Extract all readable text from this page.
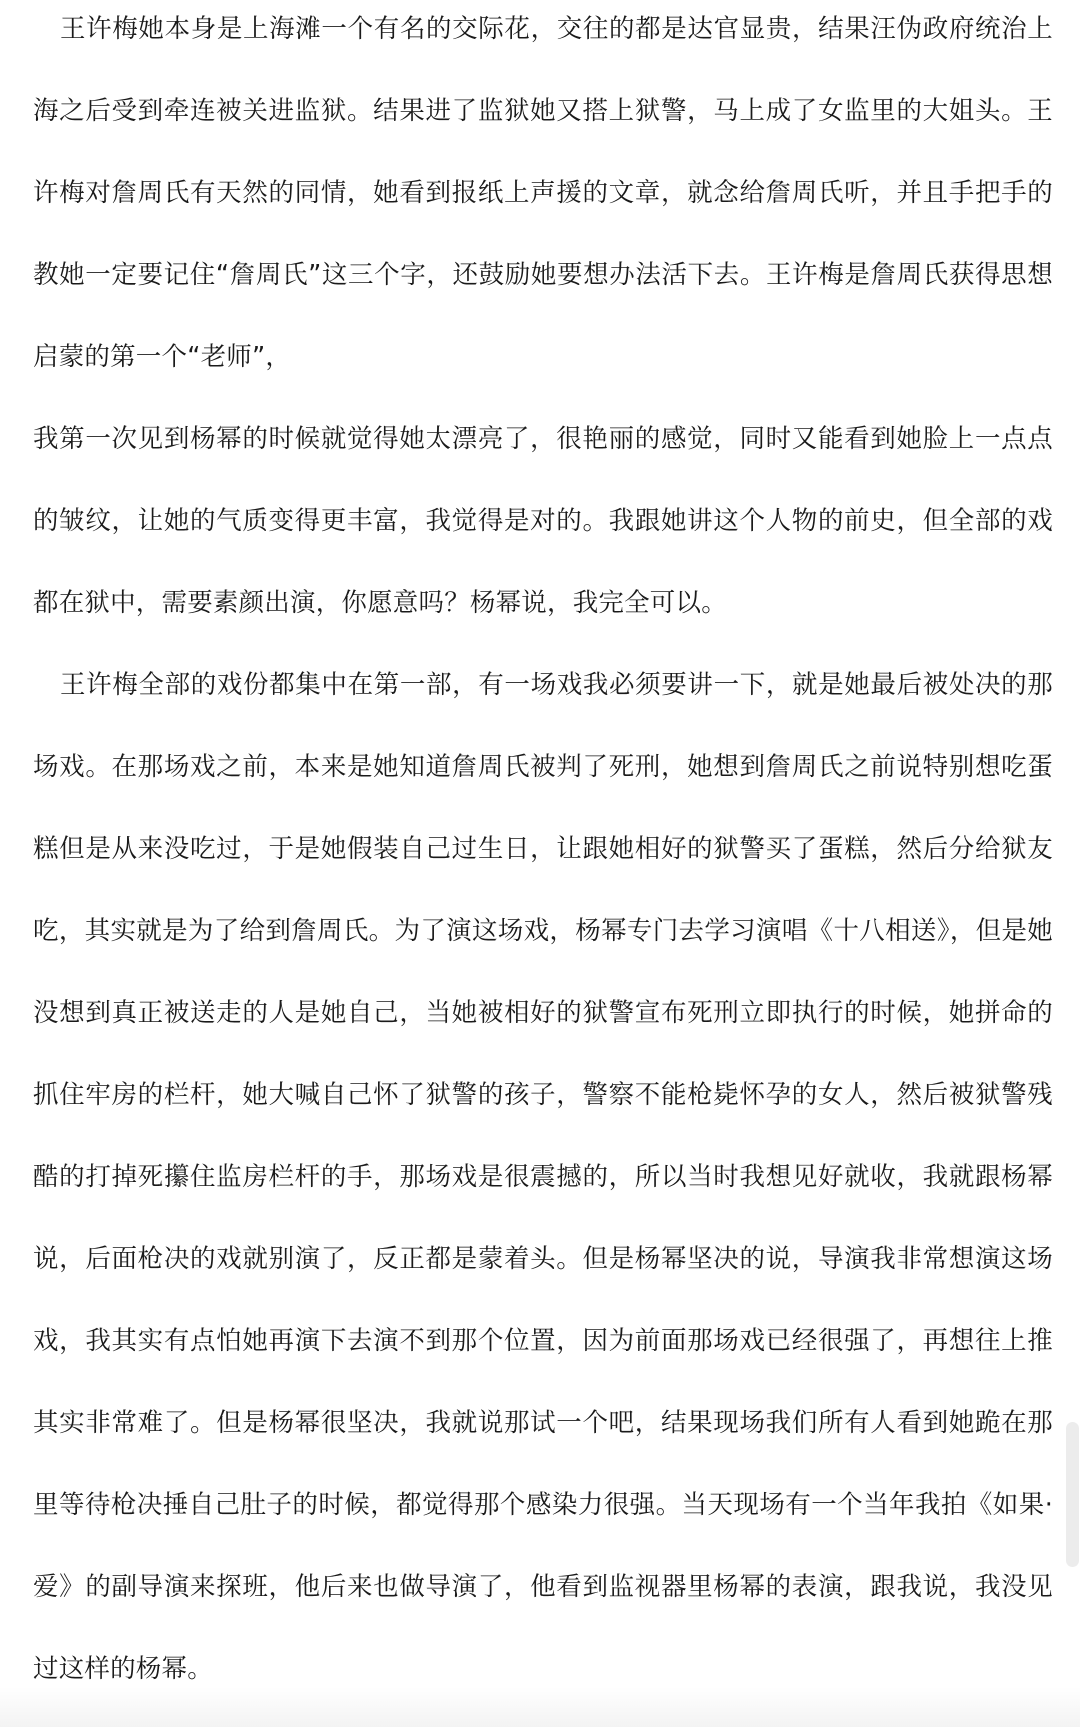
王许梅她本身是上海滩一个有名的交际花，交往的都是达官显贵，结果汪伪政府统治上海之后受到牵连被关进监狱。结果进了监狱她又搭上狱警，马上成了女监里的大姐头。王许梅对詹周氏有天然的同情，她看到报纸上声援的文章，就念给詹周氏听，并且手把手的教她一定要记住“詹周氏”这三个字，还鼓励她要想办法活下去。王许梅是詹周氏获得思想启蒙的第一个“老师”，

我第一次见到杨幂的时候就觉得她太漂亮了，很艳丽的感觉，同时又能看到她脸上一点点的皱纹，让她的气质变得更丰富，我觉得是对的。我跟她讲这个人物的前史，但全部的戏都在狱中，需要素颜出演，你愿意吗？杨幂说，我完全可以。

王许梅全部的戏份都集中在第一部，有一场戏我必须要讲一下，就是她最后被处决的那场戏。在那场戏之前，本来是她知道詹周氏被判了死刑，她想到詹周氏之前说特别想吃蛋糕但是从来没吃过，于是她假装自己过生日，让跟她相好的狱警买了蛋糕，然后分给狱友吃，其实就是为了给到詹周氏。为了演这场戏，杨幂专门去学习演唱《十八相送》，但是她没想到真正被送走的人是她自己，当她被相好的狱警宣布死刑立即执行的时候，她拼命的抓住牢房的栏杆，她大喊自己怀了狱警的孩子，警察不能枪毙怀孕的女人，然后被狱警残酷的打掉死攥住监房栏杆的手，那场戏是很震撼的，所以当时我想见好就收，我就跟杨幂说，后面枪决的戏就别演了，反正都是蒙着头。但是杨幂坚决的说，导演我非常想演这场戏，我其实有点怕她再演下去演不到那个位置，因为前面那场戏已经很强了，再想往上推其实非常难了。但是杨幂很坚决，我就说那试一个吧，结果现场我们所有人看到她跪在那里等待枪决捶自己肚子的时候，都觉得那个感染力很强。当天现场有一个当年我拍《如果·爱》的副导演来探班，他后来也做导演了，他看到监视器里杨幂的表演，跟我说，我没见过这样的杨幂。
